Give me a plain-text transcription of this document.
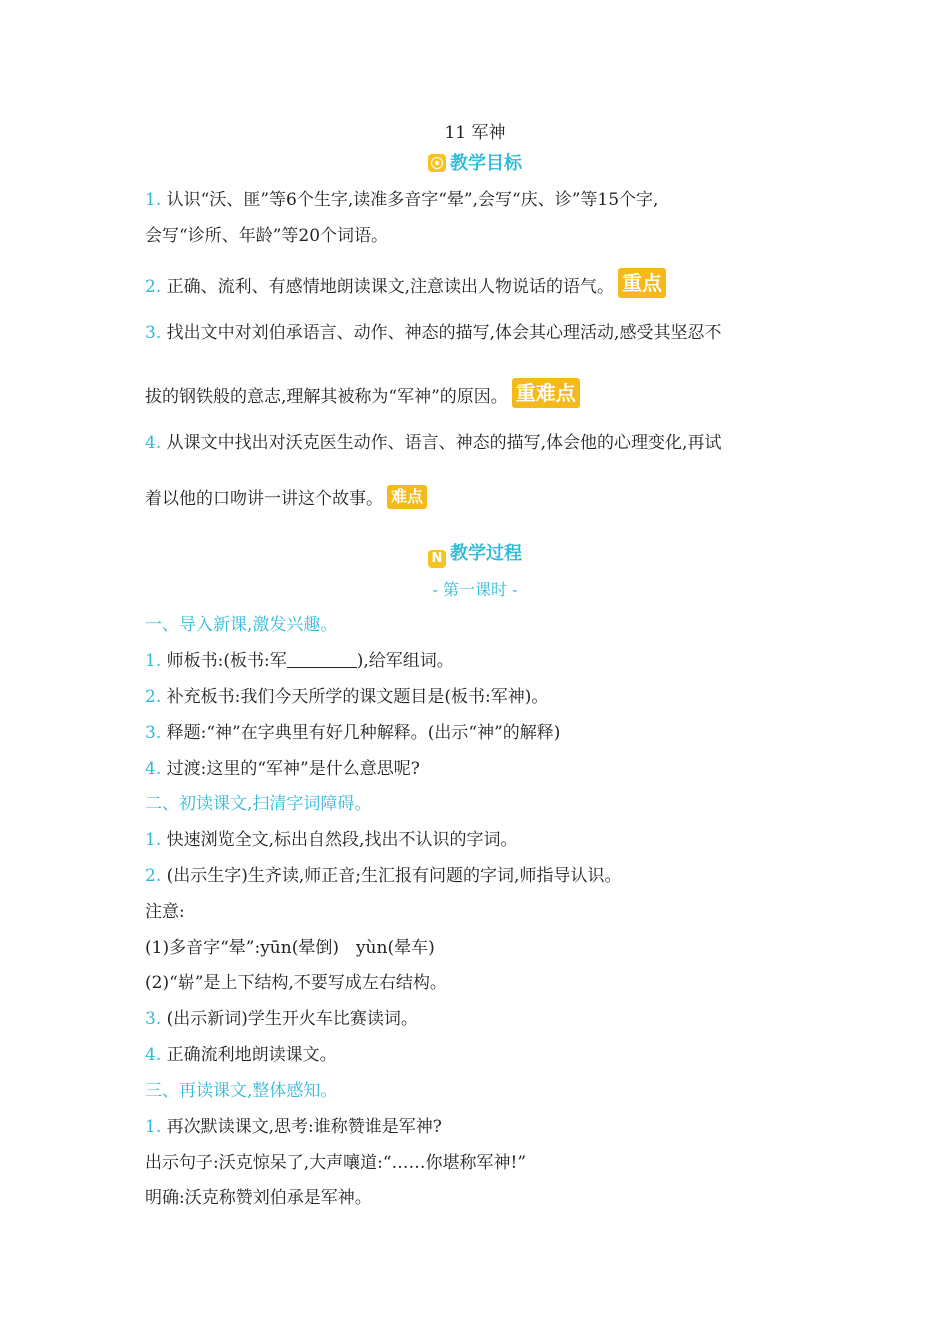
11 军神
教学目标
1. 认识“沃、匪”等6个生字,读准多音字“晕”,会写“庆、诊”等15个字,
会写“诊所、年龄”等20个词语。
2. 正确、流利、有感情地朗读课文,注意读出人物说话的语气。 重点
3. 找出文中对刘伯承语言、动作、神态的描写,体会其心理活动,感受其坚忍不
拔的钢铁般的意志,理解其被称为“军神”的原因。 重难点
4. 从课文中找出对沃克医生动作、语言、神态的描写,体会他的心理变化,再试
着以他的口吻讲一讲这个故事。 难点
N 教学过程
- 第一课时 -
一、导入新课,激发兴趣。
1. 师板书:(板书:军	),给军组词。
2. 补充板书:我们今天所学的课文题目是(板书:军神)。
3. 释题:“神”在字典里有好几种解释。(出示“神”的解释)
4. 过渡:这里的“军神”是什么意思呢?
二、初读课文,扫清字词障碍。
1. 快速浏览全文,标出自然段,找出不认识的字词。
2. (出示生字)生齐读,师正音;生汇报有问题的字词,师指导认识。
注意:
(1)多音字“晕”:yūn(晕倒)　yùn(晕车)
(2)“崭”是上下结构,不要写成左右结构。
3. (出示新词)学生开火车比赛读词。
4. 正确流利地朗读课文。
三、再读课文,整体感知。
1. 再次默读课文,思考:谁称赞谁是军神?
出示句子:沃克惊呆了,大声嚷道:“……你堪称军神!”
明确:沃克称赞刘伯承是军神。
